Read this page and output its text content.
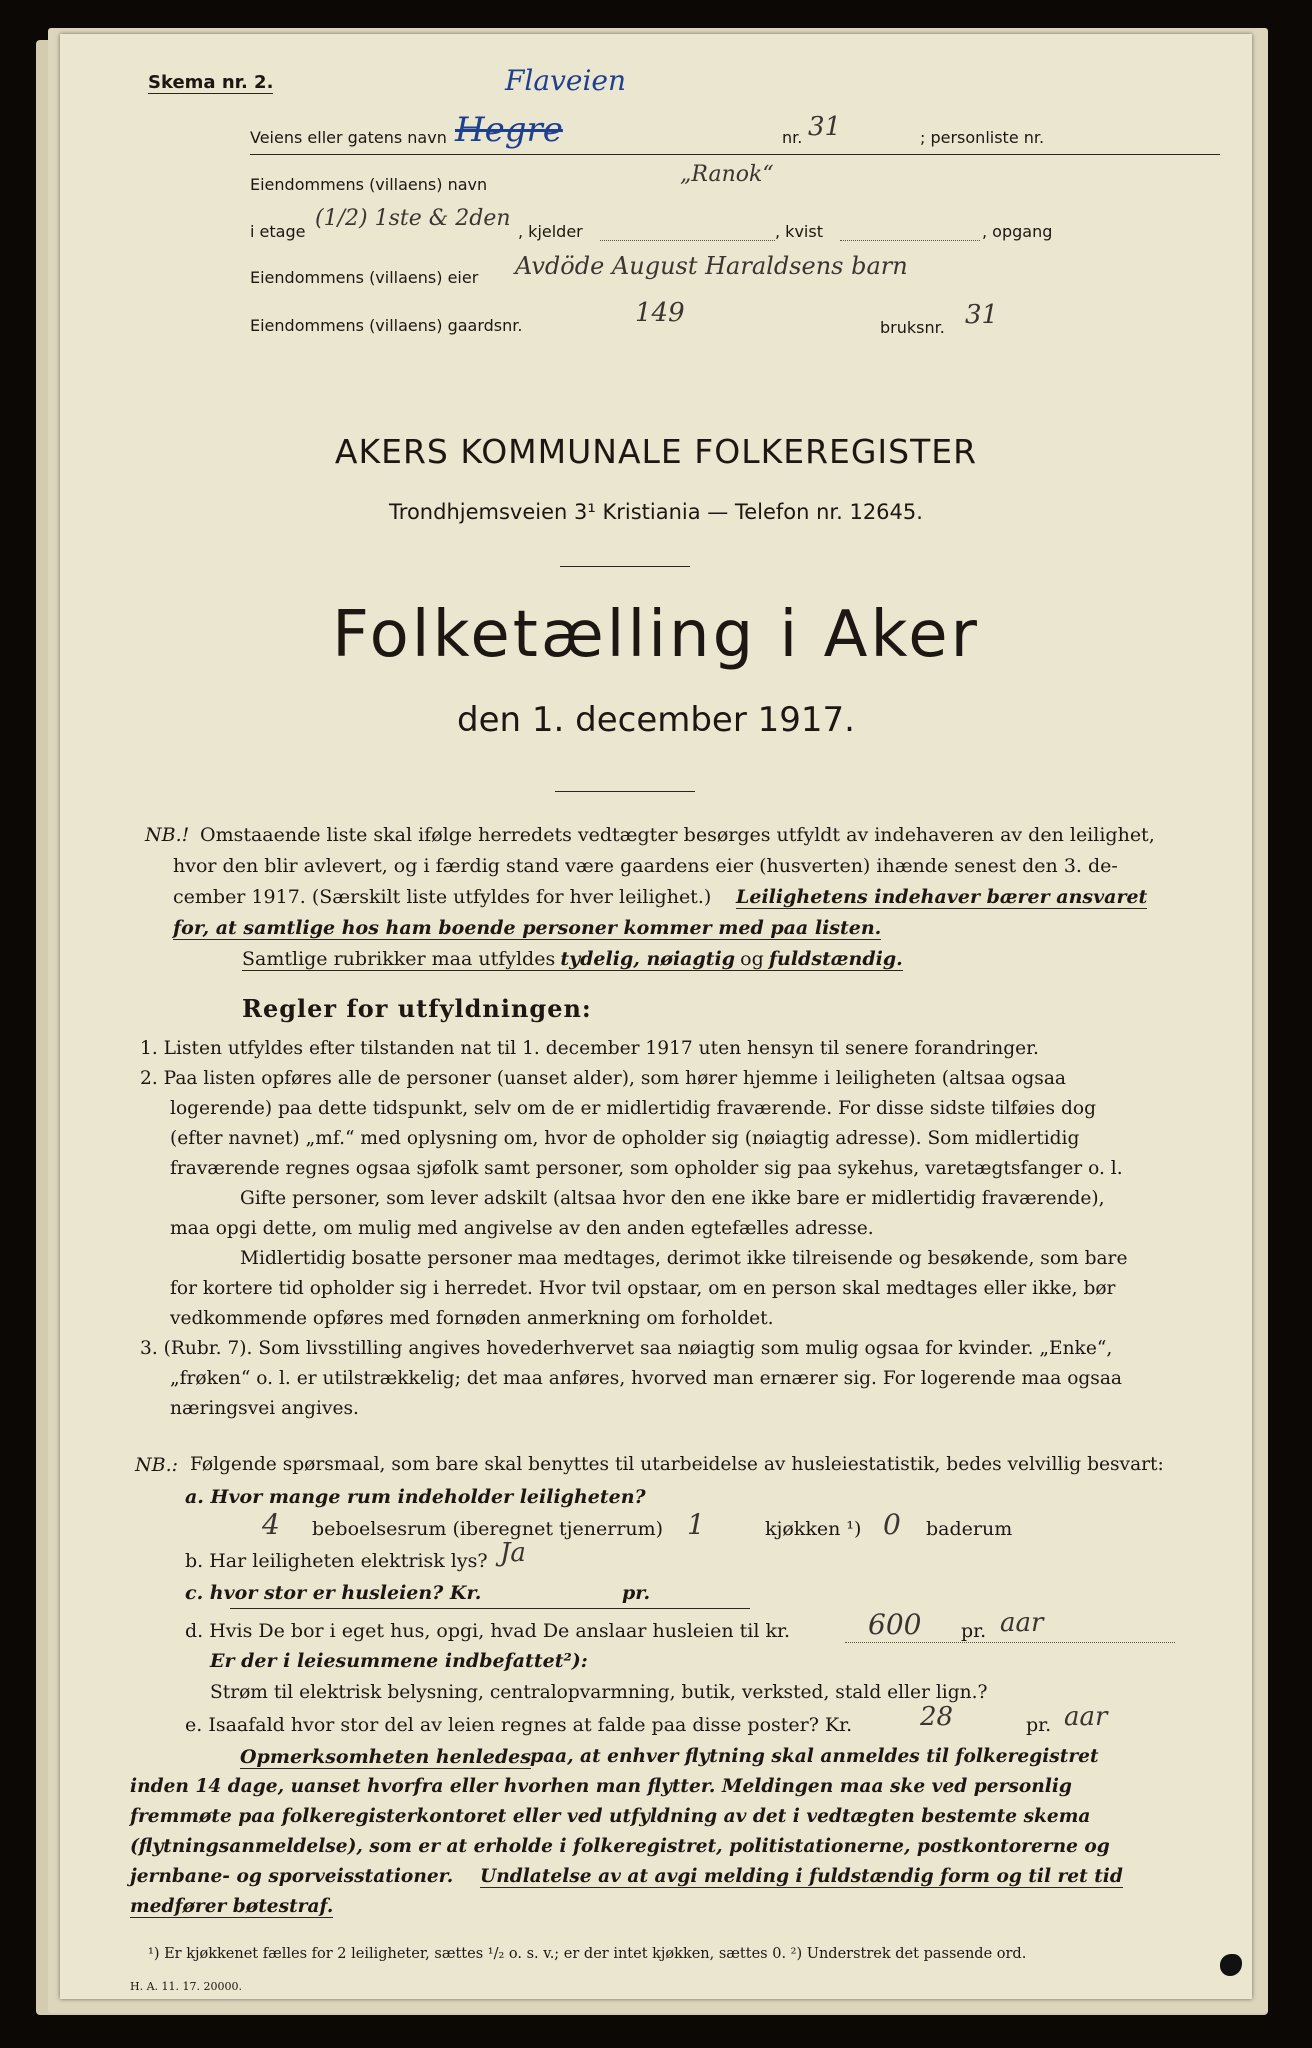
Skema nr. 2.	Flaveien
Veiens eller gatens navn Hegre	nr. 31	; personliste nr.
Eiendommens (villaens) navn	„Ranok“
i etage
(1/2) 1ste & 2den
, kjelder	, kvist	, opgang
Eiendommens (villaens) eier Avdöde August Haraldsens barn
Eiendommens (villaens) gaardsnr.	149	bruksnr. 31
AKERS KOMMUNALE FOLKEREGISTER
Trondhjemsveien 3¹ Kristiania — Telefon nr. 12645.
Folketælling i Aker
den 1. december 1917.
NB.! Omstaaende liste skal ifølge herredets vedtægter besørges utfyldt av indehaveren av den leilighet,
hvor den blir avlevert, og i færdig stand være gaardens eier (husverten) ihænde senest den 3. de-
cember 1917. (Særskilt liste utfyldes for hver leilighet.) Leilighetens indehaver bærer ansvaret
for, at samtlige hos ham boende personer kommer med paa listen.
Samtlige rubrikker maa utfyldes tydelig, nøiagtig og fuldstændig.
Regler for utfyldningen:
1. Listen utfyldes efter tilstanden nat til 1. december 1917 uten hensyn til senere forandringer.
2. Paa listen opføres alle de personer (uanset alder), som hører hjemme i leiligheten (altsaa ogsaa
logerende) paa dette tidspunkt, selv om de er midlertidig fraværende. For disse sidste tilføies dog
(efter navnet) „mf.“ med oplysning om, hvor de opholder sig (nøiagtig adresse). Som midlertidig
fraværende regnes ogsaa sjøfolk samt personer, som opholder sig paa sykehus, varetægtsfanger o. l.
Gifte personer, som lever adskilt (altsaa hvor den ene ikke bare er midlertidig fraværende),
maa opgi dette, om mulig med angivelse av den anden egtefælles adresse.
Midlertidig bosatte personer maa medtages, derimot ikke tilreisende og besøkende, som bare
for kortere tid opholder sig i herredet. Hvor tvil opstaar, om en person skal medtages eller ikke, bør
vedkommende opføres med fornøden anmerkning om forholdet.
3. (Rubr. 7). Som livsstilling angives hovederhvervet saa nøiagtig som mulig ogsaa for kvinder. „Enke“,
„frøken“ o. l. er utilstrækkelig; det maa anføres, hvorved man ernærer sig. For logerende maa ogsaa
næringsvei angives.
NB.: Følgende spørsmaal, som bare skal benyttes til utarbeidelse av husleiestatistik, bedes velvillig besvart:
a. Hvor mange rum indeholder leiligheten?
4 beboelsesrum (iberegnet tjenerrum) 1	kjøkken ¹) 0 baderum
b. Har leiligheten elektrisk lys? Ja
c. hvor stor er husleien? Kr.	pr.
d. Hvis De bor i eget hus, opgi, hvad De anslaar husleien til kr.	600 pr. aar
Er der i leiesummene indbefattet²):
Strøm til elektrisk belysning, centralopvarmning, butik, verksted, stald eller lign.?
e. Isaafald hvor stor del av leien regnes at falde paa disse poster? Kr.	28	pr. aar
Opmerksomheten henledes paa, at enhver flytning skal anmeldes til folkeregistret
inden 14 dage, uanset hvorfra eller hvorhen man flytter. Meldingen maa ske ved personlig
fremmøte paa folkeregisterkontoret eller ved utfyldning av det i vedtægten bestemte skema
(flytningsanmeldelse), som er at erholde i folkeregistret, politistationerne, postkontorerne og
jernbane- og sporveisstationer. Undlatelse av at avgi melding i fuldstændig form og til ret tid
medfører bøtestraf.
¹) Er kjøkkenet fælles for 2 leiligheter, sættes ¹/₂ o. s. v.; er der intet kjøkken, sættes 0. ²) Understrek det passende ord.
H. A. 11. 17. 20000.
